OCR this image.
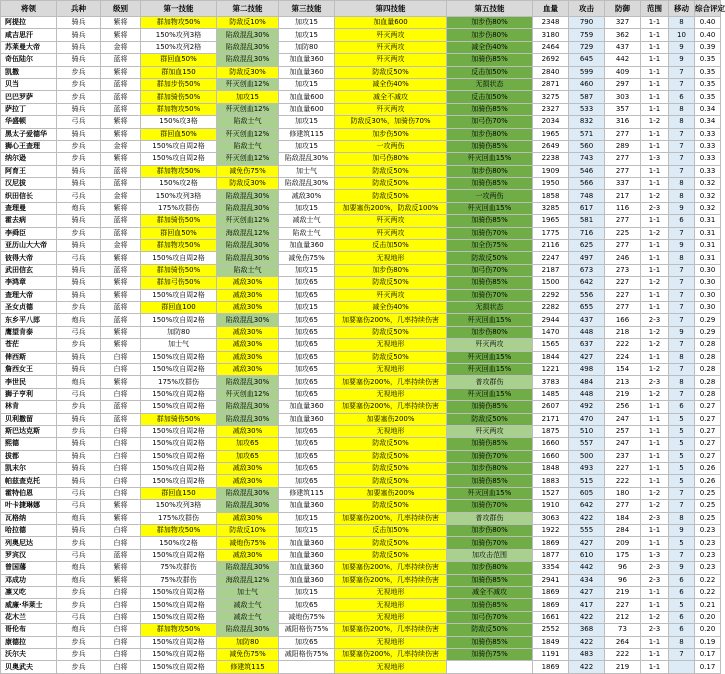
将领	兵种	级别	第一技能	第二技能	第三技能	第四技能	第五技能	血量	攻击	防御	范围	移动	综合评定
阿提拉	骑兵	紫将	群加物攻50%	防敌反10%	加攻15	加血量600	加步伤80%	2348	790	327	1-1	8	0.40
咸吉思汗	骑兵	紫将	150%攻列3格	陷敌混乱30%	加攻15	歼灭两攻	加步伤80%	3180	759	362	1-1	10	0.40
苏莱曼大帝	骑兵	金将	150%攻列2格	陷敌混乱30%	加防80	歼灭两攻	减全伤40%	2464	729	437	1-1	9	0.39
奇伍陆尔	骑兵	蓝将	群回血50%	陷敌混乱30%	加血量360	歼灭两攻	加骑伤85%	2692	645	442	1-1	9	0.35
凯撒	步兵	紫将	群加血150	防敌反30%	加血量360	防敌反50%	反击加50%	2840	599	409	1-1	7	0.35
贝当	步兵	蓝将	群加步伤50%	歼灭创血12%	加攻15	减全伤40%	无损状态	2871	460	297	1-1	7	0.35
巴巴罗萨	步兵	蓝将	群加骑伤50%	加攻15	加血量600	减全不减攻	反击加50%	3275	587	303	1-1	6	0.35
萨拉丁	骑兵	蓝将	群加物攻50%	歼灭创血12%	加血量600	歼灭两攻	加骑伤85%	2327	533	357	1-1	8	0.34
华盛顿	弓兵	紫将	150%攻3格	陷敌士气	加攻15	防敌反30%，加骑伤70%	加弓伤70%	2034	832	316	1-2	8	0.34
黑太子爱德华	骑兵	紫将	群回血50%	歼灭创血12%	修建筑115	加步伤50%	加步伤80%	1965	571	277	1-1	7	0.33
狮心王查理	步兵	金将	150%攻自周2格	陷敌士气	加攻15	一攻两伤	加骑伤85%	2649	560	289	1-1	7	0.33
纳尔逊	步兵	紫将	150%攻自周2格	歼灭创血12%	陷敌混乱30%	加弓伤80%	歼灭回血15%	2238	743	277	1-3	7	0.33
阿育王	骑兵	蓝将	群加物攻50%	减免伤75%	加士气	防敌反50%	加步伤80%	1909	546	277	1-1	7	0.33
汉尼拔	骑兵	蓝将	150%攻2格	防敌反30%	陷敌混乱30%	防敌反50%	加骑伤85%	1950	566	337	1-1	8	0.32
织田信长	弓兵	金将	150%攻列3格	陷敌混乱30%	减敌30%	防敌反50%	一攻两伤	1858	748	217	1-2	8	0.32
查理曼	炮兵	紫将	175%攻群伤	陷敌混乱30%	加攻15	加要塞伤200%，防敌反100%	歼灭回血15%	3285	617	116	2-3	9	0.32
霍去病	骑兵	蓝将	群加骑伤50%	歼灭创血12%	减敌士气	歼灭两攻	加骑伤85%	1965	581	277	1-1	6	0.31
李舜臣	步兵	蓝将	群回血50%	海敌混乱12%	陷敌士气	歼灭两攻	加骑伤70%	1775	716	225	1-2	7	0.31
亚历山大大帝	骑兵	金将	群加物攻50%	陷敌混乱30%	加血量360	反击加50%	加全伤75%	2116	625	277	1-1	9	0.31
彼得大帝	弓兵	紫将	150%攻自周2格	陷敌混乱30%	减免伤75%	无视地形	防敌反50%	2247	497	246	1-1	8	0.31
武田信玄	骑兵	蓝将	群加骑伤50%	陷敌士气	加攻15	加步伤80%	加弓伤70%	2187	673	273	1-1	7	0.30
李鸿章	骑兵	紫将	群加弓伤50%	减敌30%	加攻65	防敌反50%	加骑伤85%	1500	642	227	1-2	7	0.30
查理大帝	骑兵	紫将	150%攻自周2格	减敌30%	加攻65	歼灭两攻	加骑伤70%	2292	556	227	1-1	7	0.30
圣女贞德	步兵	蓝将	群回血100	减敌30%	加攻15	减全伤40%	无损状态	2282	655	277	1-1	7	0.30
东乡平八郎	炮兵	蓝将	150%攻自周2格	陷敌混乱30%	加攻65	加要塞伤200%，几率持续伤害	歼灭回血15%	2944	437	166	2-3	7	0.29
鹰望肯泰	弓兵	紫将	加防80	减敌30%	加攻65	防敌反50%	加步伤80%	1470	448	218	1-2	9	0.29
苍茫	步兵	紫将	加士气	减敌30%	加攻65	无视地形	歼灭两攻	1565	637	222	1-2	7	0.28
俾西斯	骑兵	白将	150%攻自周2格	减敌30%	加攻65	防敌反50%	歼灭回血15%	1844	427	224	1-1	8	0.28
詹西女王	骑兵	白将	150%攻自周2格	减敌30%	加攻65	无视地形	歼灭回血15%	1221	498	154	1-2	7	0.28
李世民	炮兵	紫将	175%攻群伤	陷敌混乱30%	加攻65	加要塞伤200%，几率持续伤害	普攻群伤	3783	484	213	2-3	8	0.28
狮子亨利	弓兵	白将	150%攻自周2格	歼灭创血12%	加攻65	无视地形	歼灭回血15%	1485	448	219	1-2	7	0.28
林肯	步兵	蓝将	150%攻自周2格	陷敌混乱30%	加血量360	加要塞伤200%，几率持续伤害	加骑伤85%	2607	492	256	1-1	6	0.27
贝利撒留	骑兵	蓝将	群加骑伤50%	陷敌混乱30%	加血量360	加要塞伤200%	防敌反50%	2171	470	247	1-1	5	0.27
斯巴达克斯	步兵	白将	150%攻自周2格	减敌30%	加攻65	无视地形	歼灭两攻	1875	510	257	1-1	5	0.27
熙德	骑兵	白将	150%攻自周2格	加攻65	加攻65	防敌反50%	加骑伤85%	1660	557	247	1-1	5	0.27
拔都	骑兵	白将	150%攻自周2格	加攻65	加攻65	防敌反50%	加骑伤70%	1660	500	237	1-1	5	0.27
凯末尔	骑兵	白将	150%攻自周2格	减敌30%	加攻65	防敌反50%	加步伤80%	1848	493	227	1-1	5	0.26
帕兹查克托	骑兵	白将	150%攻自周2格	减敌30%	加攻65	防敌反50%	加骑伤85%	1883	515	222	1-1	5	0.26
霍特伯恩	弓兵	白将	群回血150	陷敌混乱30%	修建筑115	加要塞伤200%	歼灭回血15%	1527	605	180	1-2	7	0.25
叶卡捷琳娜	弓兵	紫将	150%攻列3格	陷敌混乱30%	加血量360	防敌反50%	加骑伤70%	1910	642	277	1-2	7	0.25
瓦格纳	炮兵	紫将	175%攻群伤	减敌30%	加攻15	加要塞伤200%，几率持续伤害	普攻群伤	3063	422	184	2-3	8	0.25
哈拉德	骑兵	白将	群加物攻50%	防敌反10%	加攻15	反击加50%	加步伤80%	1922	555	284	1-1	9	0.23
列奥尼达	步兵	白将	150%攻2格	减炮伤75%	加血量360	防敌反50%	加骑伤70%	1869	427	209	1-1	5	0.23
罗宾汉	弓兵	蓝将	150%攻自周2格	减敌30%	加血量360	防敌反50%	加攻击范围	1877	610	175	1-3	7	0.23
曾国藩	炮兵	紫将	75%攻群伤	陷敌混乱30%	加血量360	加要塞伤200%，几率持续伤害	加步伤80%	3354	442	96	2-3	9	0.23
邓成功	炮兵	紫将	75%攻群伤	海敌混乱12%	加血量360	加要塞伤200%，几率持续伤害	加骑伤85%	2941	434	96	2-3	6	0.22
凛又吃	步兵	白将	150%攻自周2格	加士气	加攻15	无视地形	减全不减攻	1869	427	219	1-1	6	0.22
威廉·华莱士	步兵	白将	150%攻自周2格	减敌士气	加攻65	无视地形	加骑伤85%	1869	417	227	1-1	5	0.21
花木兰	弓兵	白将	150%攻自周2格	减敌士气	减炮伤75%	无视地形	加弓伤70%	1661	422	212	1-2	6	0.20
哥伦布	炮兵	白将	群加物攻50%	陷敌混乱30%	减阳格伤75%	加要塞伤200%，几率持续伤害	防敌反50%	2552	368	73	2-3	6	0.20
康德拉	步兵	白将	150%攻自周2格	加防80	加攻65	无视地形	加骑伤85%	1849	422	264	1-1	8	0.19
沃尔夫	步兵	白将	150%攻自周2格	减免伤75%	减阳格伤75%	加要塞伤200%，几率持续伤害	加骑伤75%	1191	483	222	1-1	7	0.17
贝奥武夫	步兵	白将	150%攻自周2格	修建筑115		无视地形		1869	422	219	1-1		0.17
